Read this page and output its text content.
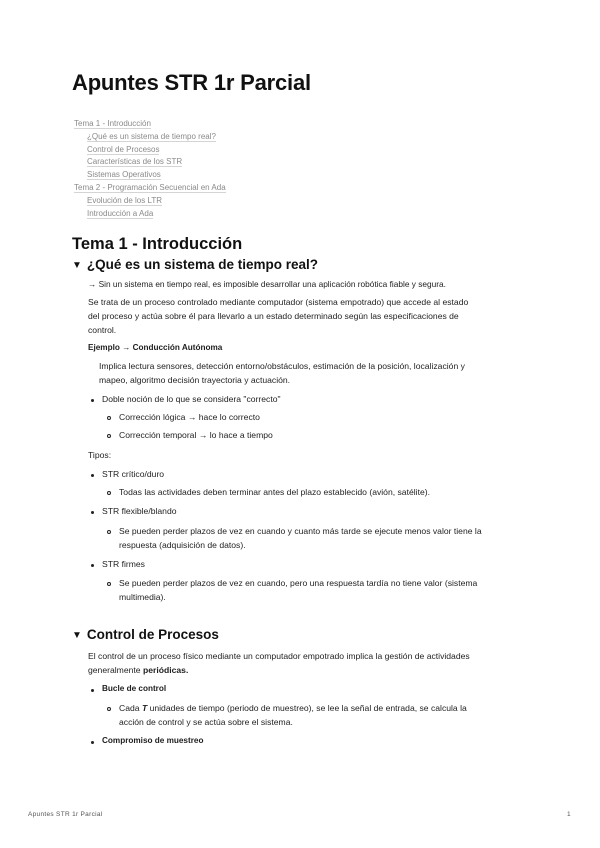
Apuntes STR 1r Parcial
Tema 1 - Introducción
¿Qué es un sistema de tiempo real?
Control de Procesos
Características de los STR
Sistemas Operativos
Tema 2 - Programación Secuencial en Ada
Evolución de los LTR
Introducción a Ada
Tema 1 - Introducción
▼ ¿Qué es un sistema de tiempo real?
→ Sin un sistema en tiempo real, es imposible desarrollar una aplicación robótica fiable y segura.
Se trata de un proceso controlado mediante computador (sistema empotrado) que accede al estado
del proceso y actúa sobre él para llevarlo a un estado determinado según las especificaciones de
control.
Ejemplo → Conducción Autónoma
Implica lectura sensores, detección entorno/obstáculos, estimación de la posición, localización y
mapeo, algoritmo decisión trayectoria y actuación.
Doble noción de lo que se considera "correcto"
Corrección lógica → hace lo correcto
Corrección temporal → lo hace a tiempo
Tipos:
STR crítico/duro
Todas las actividades deben terminar antes del plazo establecido (avión, satélite).
STR flexible/blando
Se pueden perder plazos de vez en cuando y cuanto más tarde se ejecute menos valor tiene la
respuesta (adquisición de datos).
STR firmes
Se pueden perder plazos de vez en cuando, pero una respuesta tardía no tiene valor (sistema
multimedia).
▼ Control de Procesos
El control de un proceso físico mediante un computador empotrado implica la gestión de actividades
generalmente periódicas.
Bucle de control
Cada T unidades de tiempo (periodo de muestreo), se lee la señal de entrada, se calcula la
acción de control y se actúa sobre el sistema.
Compromiso de muestreo
Apuntes STR 1r Parcial	1
